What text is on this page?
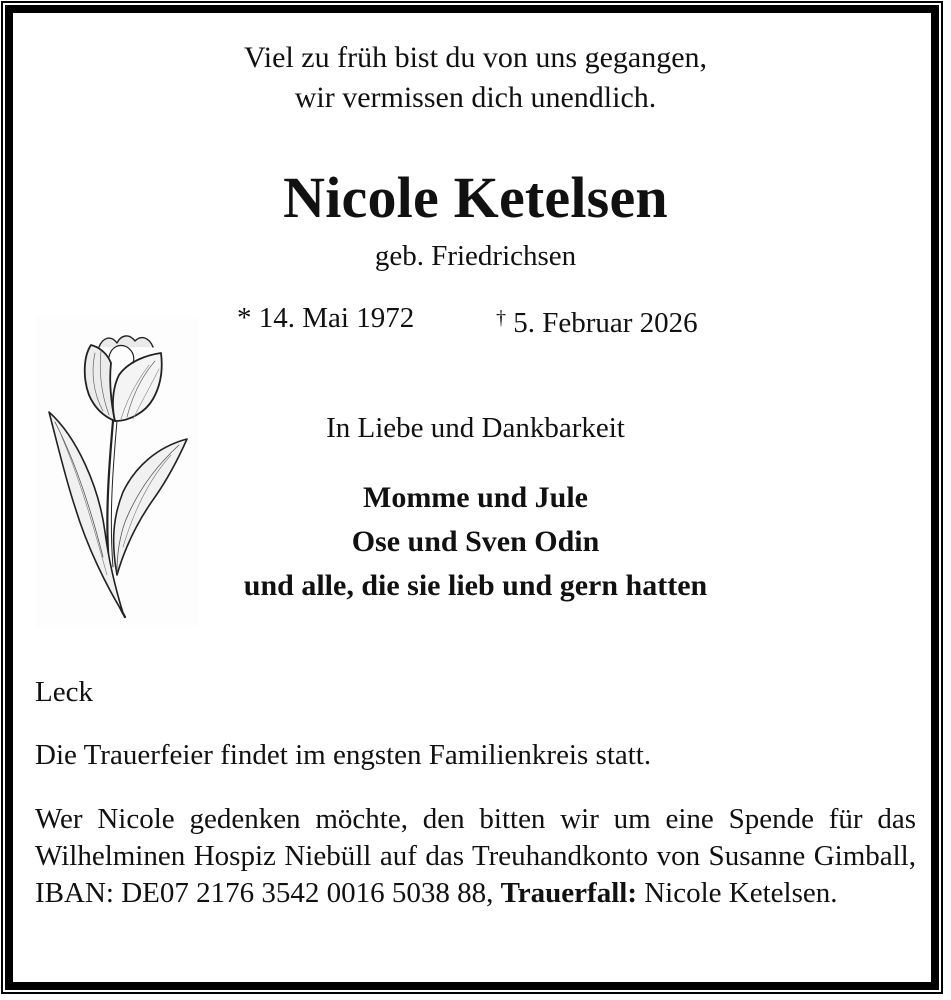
Viel zu früh bist du von uns gegangen,
wir vermissen dich unendlich.
Nicole Ketelsen
geb. Friedrichsen
* 14. Mai 1972	† 5. Februar 2026
In Liebe und Dankbarkeit
Momme und Jule
Ose und Sven Odin
und alle, die sie lieb und gern hatten
Leck
Die Trauerfeier findet im engsten Familienkreis statt.
Wer Nicole gedenken möchte, den bitten wir um eine Spende für das Wilhelminen Hospiz Niebüll auf das Treuhandkonto von Susanne Gimball, IBAN: DE07 2176 3542 0016 5038 88, Trauerfall: Nicole Ketelsen.
